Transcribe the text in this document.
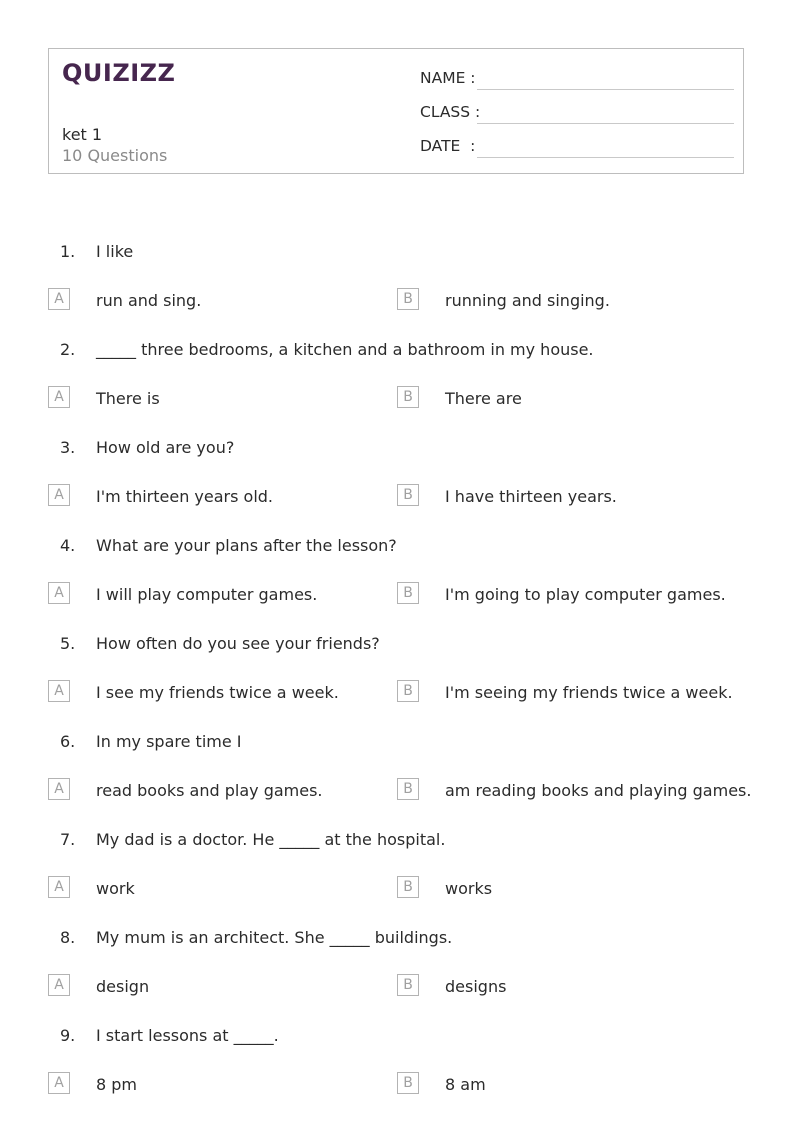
QUIZIZZ
ket 1
10 Questions
NAME :
CLASS :
DATE  :
1. I like
A	run and sing.	B	running and singing.
2. _____ three bedrooms, a kitchen and a bathroom in my house.
A	There is	B	There are
3. How old are you?
A	I'm thirteen years old.	B	I have thirteen years.
4. What are your plans after the lesson?
A	I will play computer games.	B	I'm going to play computer games.
5. How often do you see your friends?
A	I see my friends twice a week.	B	I'm seeing my friends twice a week.
6. In my spare time I
A	read books and play games.	B	am reading books and playing games.
7. My dad is a doctor. He _____ at the hospital.
A	work	B	works
8. My mum is an architect. She _____ buildings.
A	design	B	designs
9. I start lessons at _____.
A	8 pm	B	8 am
